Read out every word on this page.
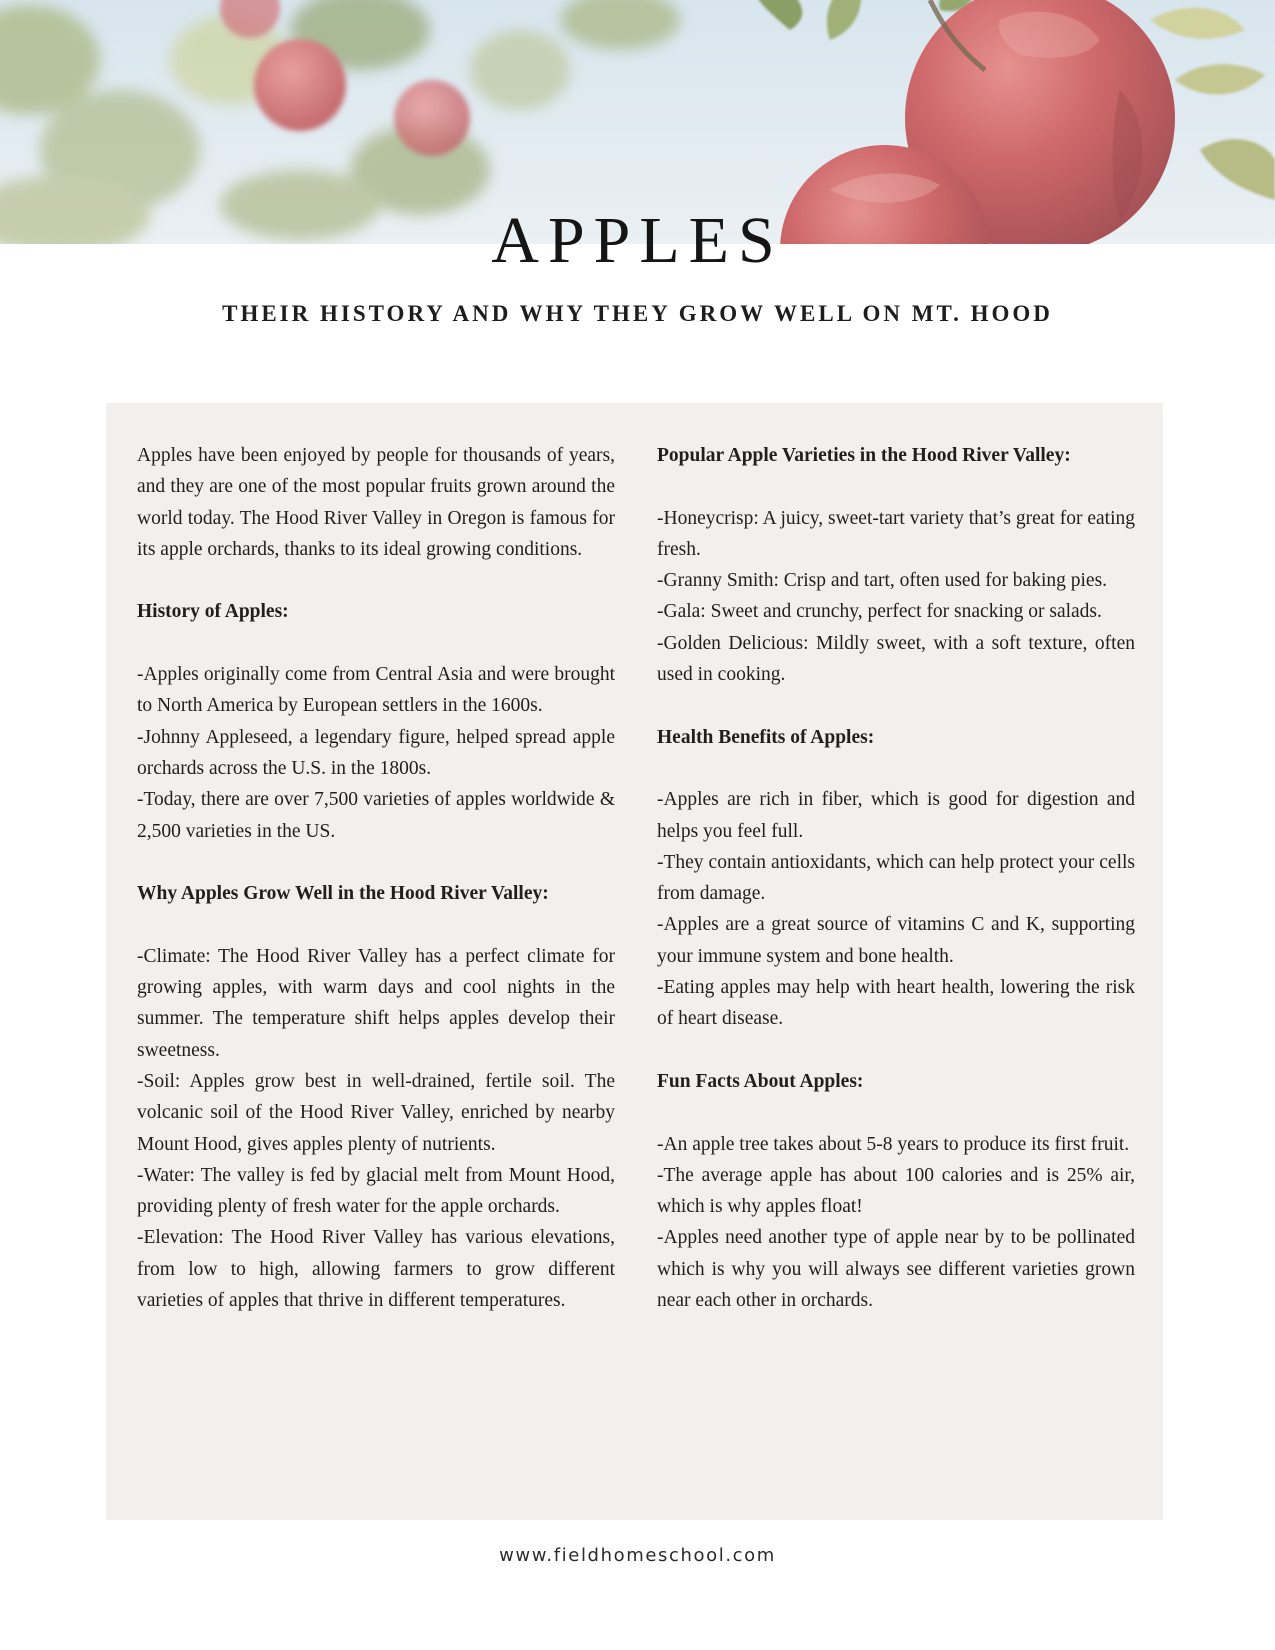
APPLES
THEIR HISTORY AND WHY THEY GROW WELL ON MT. HOOD

Apples have been enjoyed by people for thousands of years, and they are one of the most popular fruits grown around the world today. The Hood River Valley in Oregon is famous for its apple orchards, thanks to its ideal growing conditions.

History of Apples:

-Apples originally come from Central Asia and were brought to North America by European settlers in the 1600s.

-Johnny Appleseed, a legendary figure, helped spread apple orchards across the U.S. in the 1800s.

-Today, there are over 7,500 varieties of apples worldwide & 2,500 varieties in the US.

Why Apples Grow Well in the Hood River Valley:

-Climate: The Hood River Valley has a perfect climate for growing apples, with warm days and cool nights in the summer. The temperature shift helps apples develop their sweetness.

-Soil: Apples grow best in well-drained, fertile soil. The volcanic soil of the Hood River Valley, enriched by nearby Mount Hood, gives apples plenty of nutrients.

-Water: The valley is fed by glacial melt from Mount Hood, providing plenty of fresh water for the apple orchards.

-Elevation: The Hood River Valley has various elevations, from low to high, allowing farmers to grow different varieties of apples that thrive in different temperatures.

Popular Apple Varieties in the Hood River Valley:

-Honeycrisp: A juicy, sweet-tart variety that’s great for eating fresh.

-Granny Smith: Crisp and tart, often used for baking pies.

-Gala: Sweet and crunchy, perfect for snacking or salads.

-Golden Delicious: Mildly sweet, with a soft texture, often used in cooking.

Health Benefits of Apples:

-Apples are rich in fiber, which is good for digestion and helps you feel full.

-They contain antioxidants, which can help protect your cells from damage.

-Apples are a great source of vitamins C and K, supporting your immune system and bone health.

-Eating apples may help with heart health, lowering the risk of heart disease.

Fun Facts About Apples:

-An apple tree takes about 5-8 years to produce its first fruit.

-The average apple has about 100 calories and is 25% air, which is why apples float!

-Apples need another type of apple near by to be pollinated which is why you will always see different varieties grown near each other in orchards.

www.fieldhomeschool.com
